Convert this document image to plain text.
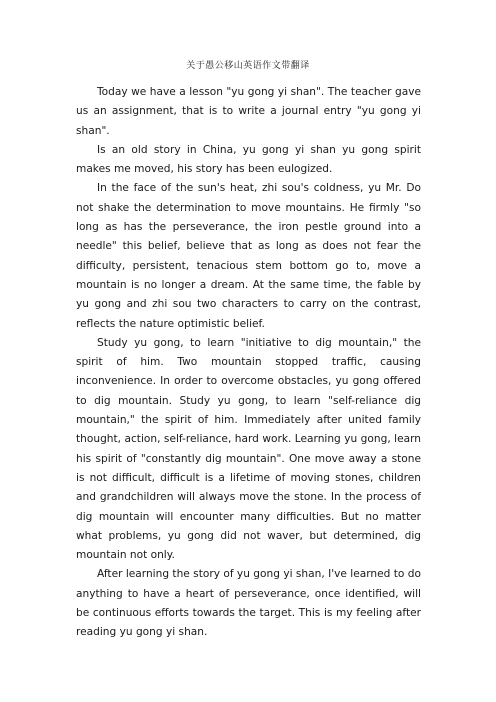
关于愚公移山英语作文带翻译

Today we have a lesson "yu gong yi shan". The teacher gave us an assignment, that is to write a journal entry "yu gong yi shan".

Is an old story in China, yu gong yi shan yu gong spirit makes me moved, his story has been eulogized.

In the face of the sun's heat, zhi sou's coldness, yu Mr. Do not shake the determination to move mountains. He firmly "so long as has the perseverance, the iron pestle ground into a needle" this belief, believe that as long as does not fear the difficulty, persistent, tenacious stem bottom go to, move a mountain is no longer a dream. At the same time, the fable by yu gong and zhi sou two characters to carry on the contrast, reflects the nature optimistic belief.

Study yu gong, to learn "initiative to dig mountain," the spirit of him. Two mountain stopped traffic, causing inconvenience. In order to overcome obstacles, yu gong offered to dig mountain. Study yu gong, to learn "self-reliance dig mountain," the spirit of him. Immediately after united family thought, action, self-reliance, hard work. Learning yu gong, learn his spirit of "constantly dig mountain". One move away a stone is not difficult, difficult is a lifetime of moving stones, children and grandchildren will always move the stone. In the process of dig mountain will encounter many difficulties. But no matter what problems, yu gong did not waver, but determined, dig mountain not only.

After learning the story of yu gong yi shan, I've learned to do anything to have a heart of perseverance, once identified, will be continuous efforts towards the target. This is my feeling after reading yu gong yi shan.
